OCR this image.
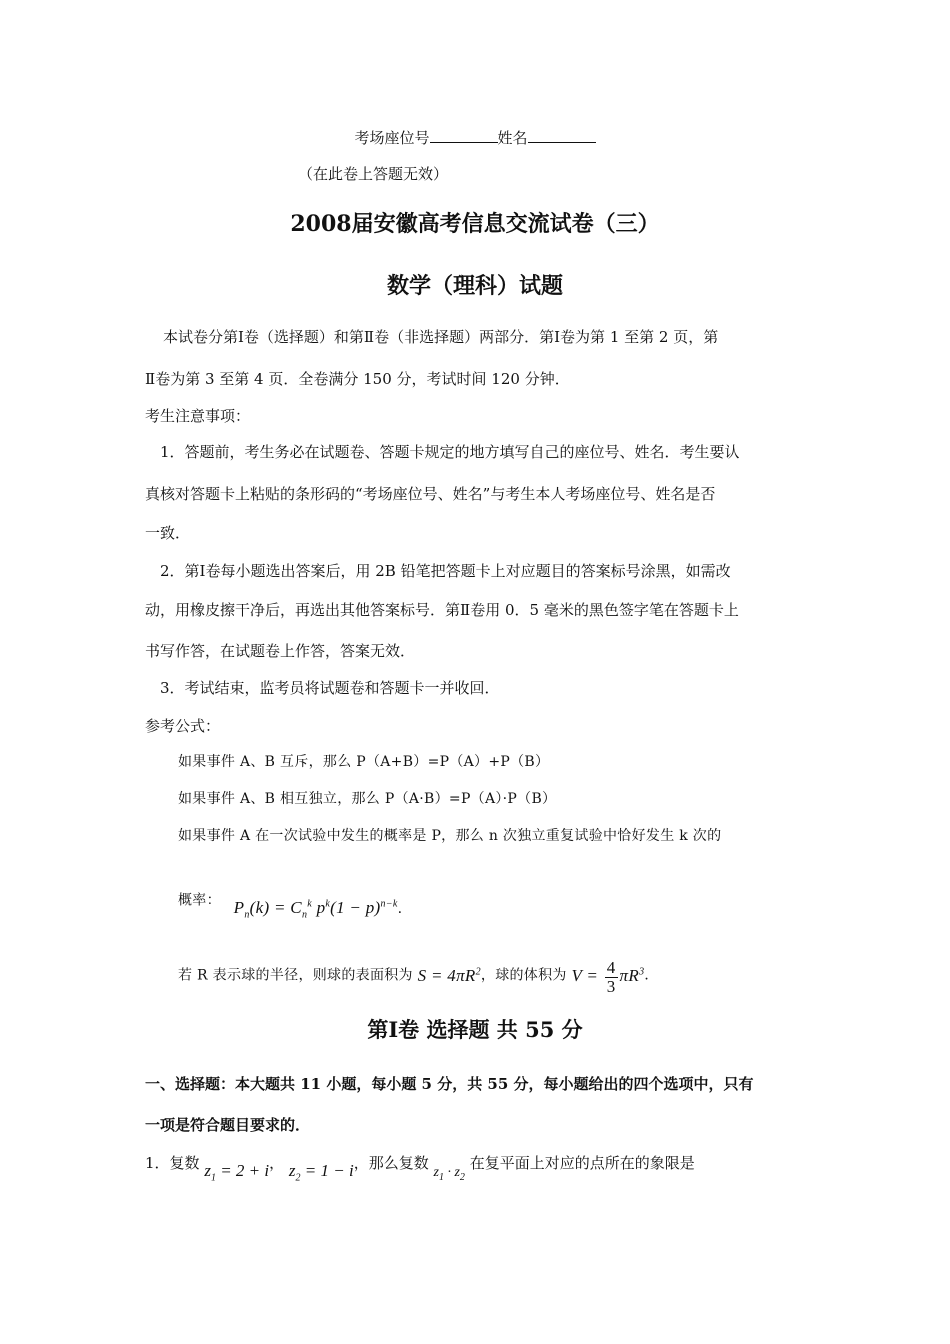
考场座位号	姓名
（在此卷上答题无效）
2008届安徽高考信息交流试卷（三）
数学（理科）试题
本试卷分第Ⅰ卷（选择题）和第Ⅱ卷（非选择题）两部分．第Ⅰ卷为第 1 至第 2 页，第
Ⅱ卷为第 3 至第 4 页．全卷满分 150 分，考试时间 120 分钟．
考生注意事项：
1．答题前，考生务必在试题卷、答题卡规定的地方填写自己的座位号、姓名．考生要认
真核对答题卡上粘贴的条形码的“考场座位号、姓名”与考生本人考场座位号、姓名是否
一致．
2．第Ⅰ卷每小题选出答案后，用 2B 铅笔把答题卡上对应题目的答案标号涂黑，如需改
动，用橡皮擦干净后，再选出其他答案标号．第Ⅱ卷用 0．5 毫米的黑色签字笔在答题卡上
书写作答，在试题卷上作答，答案无效．
3．考试结束，监考员将试题卷和答题卡一并收回．
参考公式：
如果事件 A、B 互斥，那么 P（A+B）=P（A）+P（B）
如果事件 A、B 相互独立，那么 P（A·B）=P（A）·P（B）
如果事件 A 在一次试验中发生的概率是 P，那么 n 次独立重复试验中恰好发生 k 次的
概率： $P_n(k) = C_n^k$ $p^k(1 - p)^{n-k}$.
若 R 表示球的半径，则球的表面积为 $S = 4\pi R^2$，球的体积为 $V = \frac{4}{3} \pi R^3$．
第Ⅰ卷 选择题 共 55 分
一、选择题：本大题共 11 小题，每小题 5 分，共 55 分，每小题给出的四个选项中，只有
一项是符合题目要求的．
1．复数 $z_1 = 2 + i$， $z_2 = 1 - i$，那么复数 $z_1 \cdot z_2$ 在复平面上对应的点所在的象限是
